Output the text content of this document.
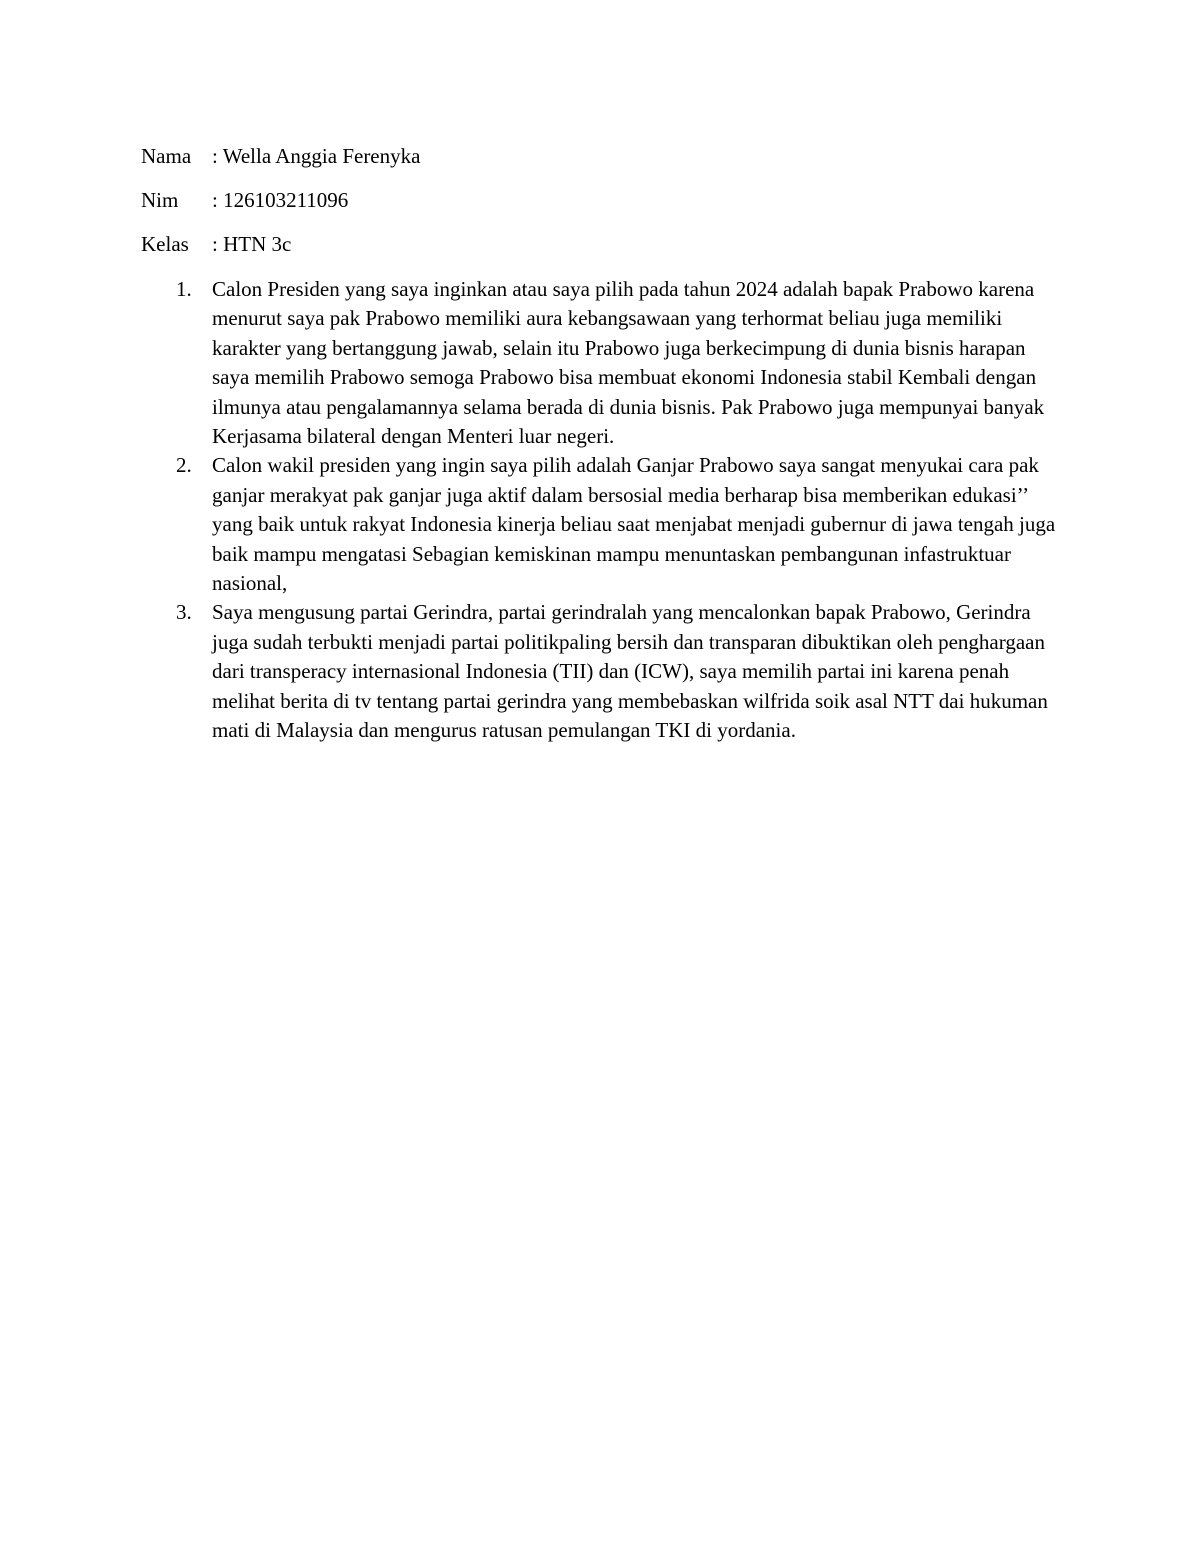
Nama : Wella Anggia Ferenyka
Nim : 126103211096
Kelas : HTN 3c
1. Calon Presiden yang saya inginkan atau saya pilih pada tahun 2024 adalah bapak Prabowo karena menurut saya pak Prabowo memiliki aura kebangsawaan yang terhormat beliau juga memiliki karakter yang bertanggung jawab, selain itu Prabowo juga berkecimpung di dunia bisnis harapan saya memilih Prabowo semoga Prabowo bisa membuat ekonomi Indonesia stabil Kembali dengan ilmunya atau pengalamannya selama berada di dunia bisnis. Pak Prabowo juga mempunyai banyak Kerjasama bilateral dengan Menteri luar negeri.
2. Calon wakil presiden yang ingin saya pilih adalah Ganjar Prabowo saya sangat menyukai cara pak ganjar merakyat pak ganjar juga aktif dalam bersosial media berharap bisa memberikan edukasi’’ yang baik untuk rakyat Indonesia kinerja beliau saat menjabat menjadi gubernur di jawa tengah juga baik mampu mengatasi Sebagian kemiskinan mampu menuntaskan pembangunan infastruktuar nasional,
3. Saya mengusung partai Gerindra, partai gerindralah yang mencalonkan bapak Prabowo, Gerindra juga sudah terbukti menjadi partai politikpaling bersih dan transparan dibuktikan oleh penghargaan dari transperacy internasional Indonesia (TII) dan (ICW), saya memilih partai ini karena penah melihat berita di tv tentang partai gerindra yang membebaskan wilfrida soik asal NTT dai hukuman mati di Malaysia dan mengurus ratusan pemulangan TKI di yordania.
